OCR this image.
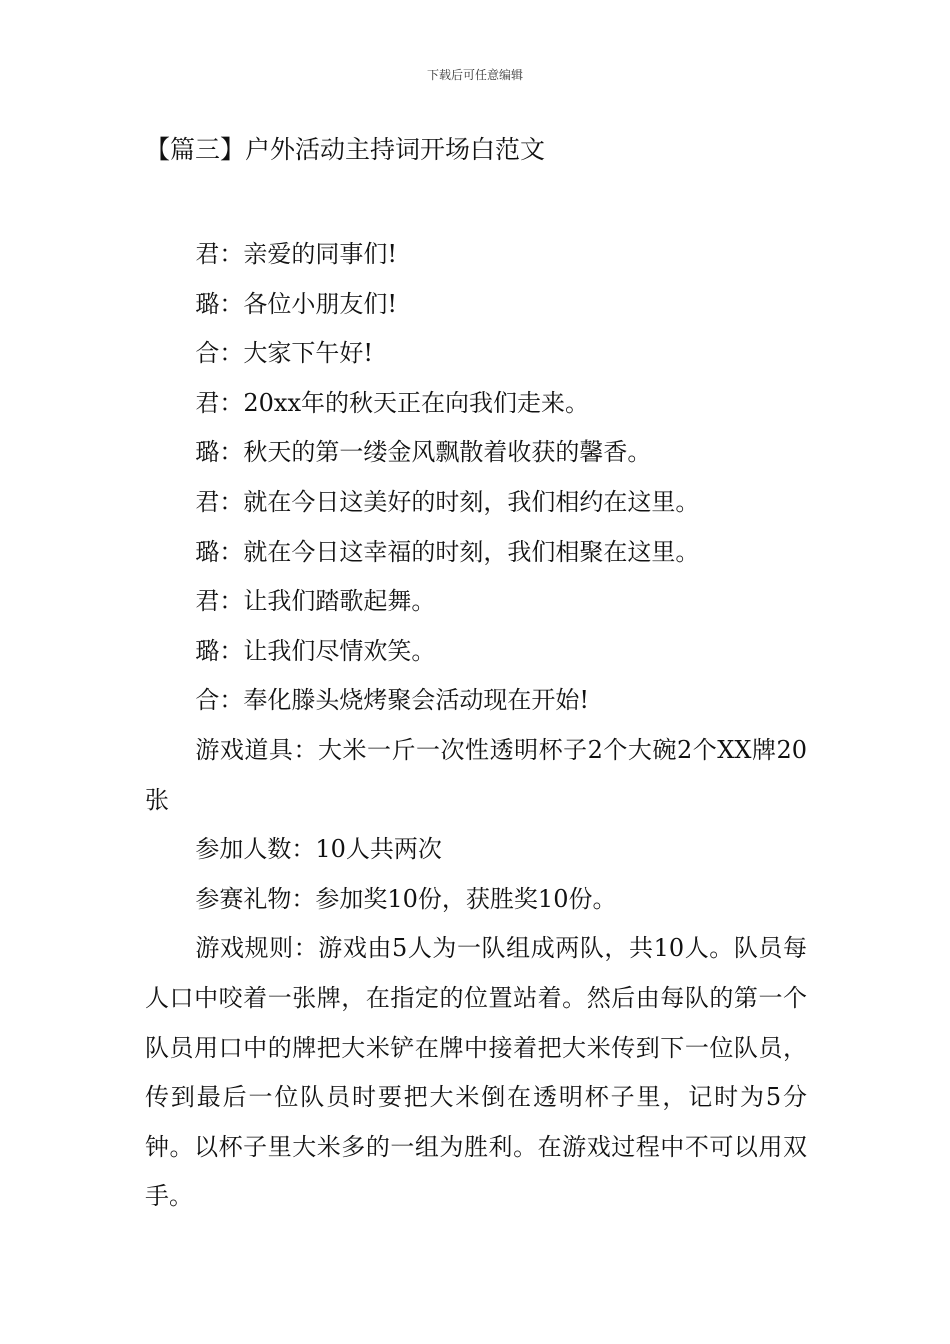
下载后可任意编辑
【篇三】户外活动主持词开场白范文

君：亲爱的同事们!

璐：各位小朋友们!

合：大家下午好!

君：20xx年的秋天正在向我们走来。

璐：秋天的第一缕金风飘散着收获的馨香。

君：就在今日这美好的时刻，我们相约在这里。

璐：就在今日这幸福的时刻，我们相聚在这里。

君：让我们踏歌起舞。

璐：让我们尽情欢笑。

合：奉化滕头烧烤聚会活动现在开始!

游戏道具：大米一斤一次性透明杯子2个大碗2个XX牌20张

参加人数：10人共两次

参赛礼物：参加奖10份，获胜奖10份。

游戏规则：游戏由5人为一队组成两队，共10人。队员每人口中咬着一张牌，在指定的位置站着。然后由每队的第一个队员用口中的牌把大米铲在牌中接着把大米传到下一位队员，传到最后一位队员时要把大米倒在透明杯子里，记时为5分钟。以杯子里大米多的一组为胜利。在游戏过程中不可以用双手。
